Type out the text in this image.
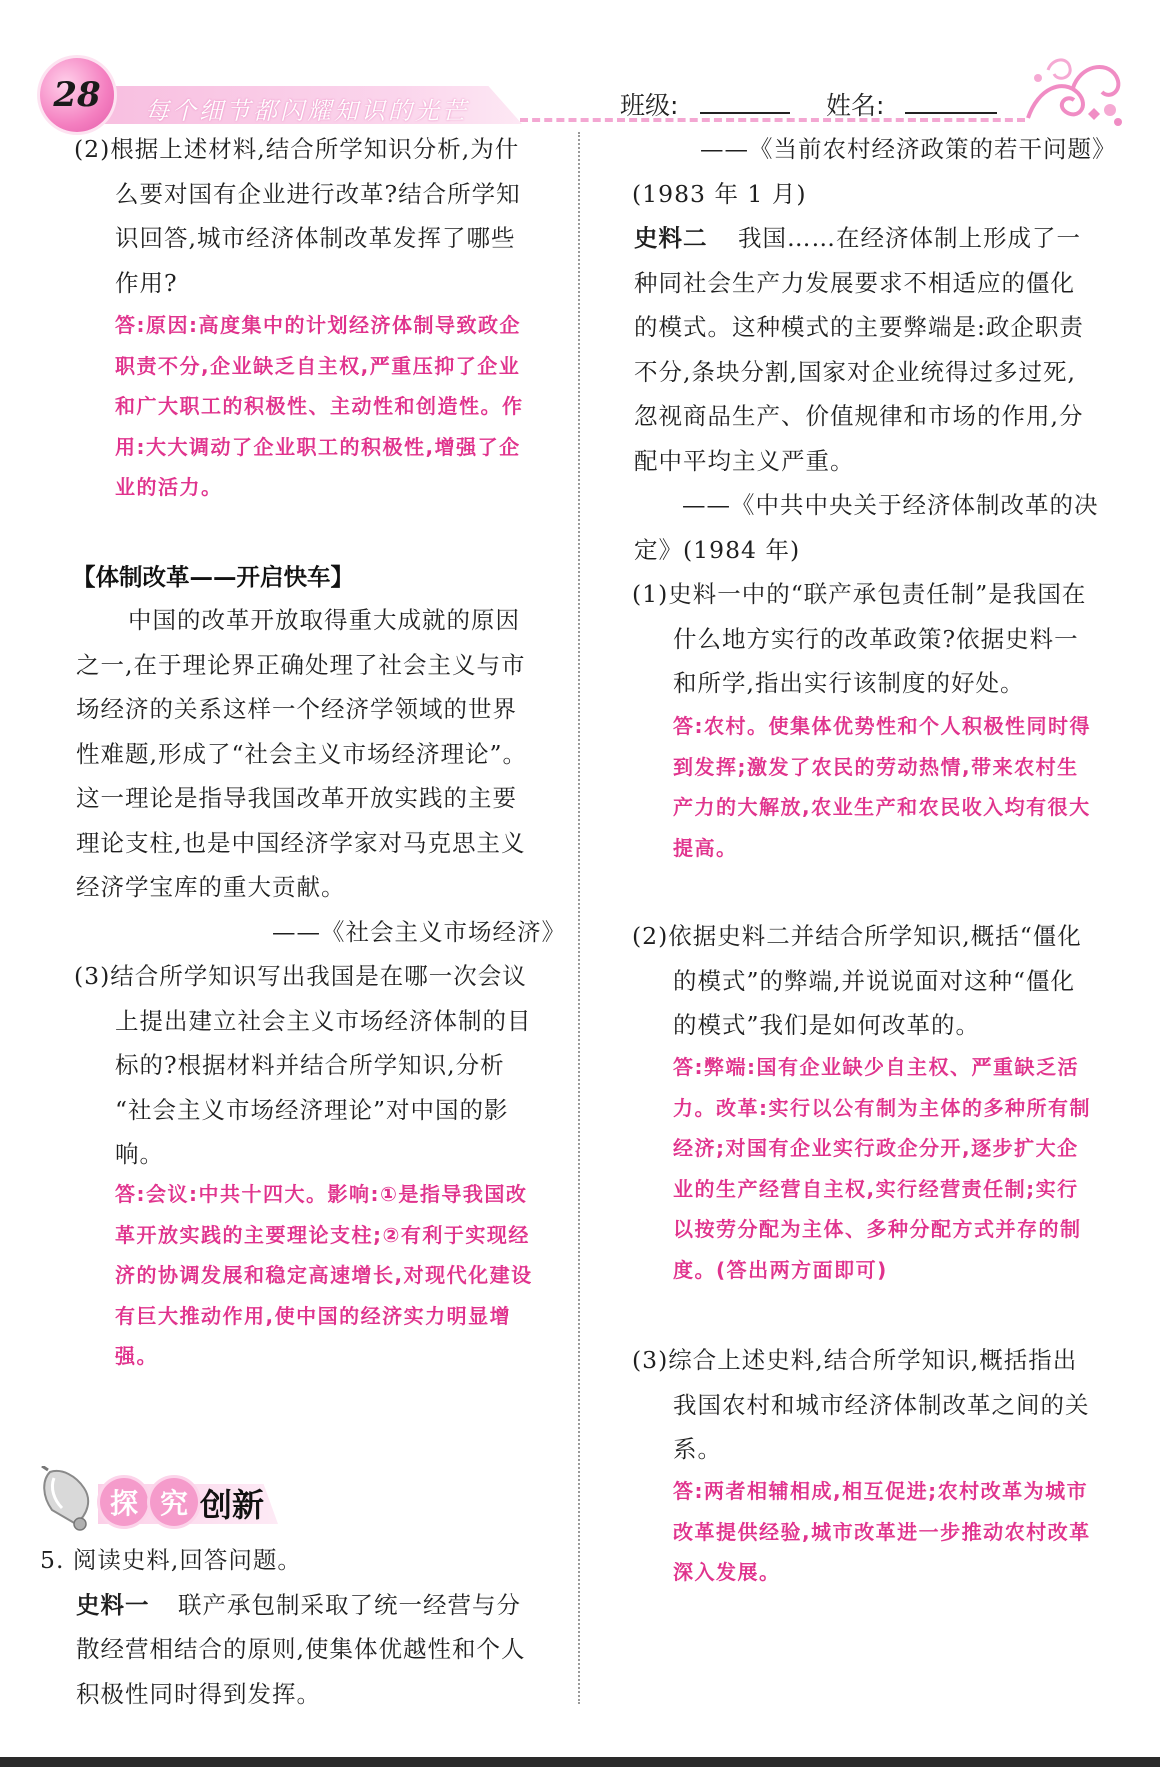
28 每个细节都闪耀知识的光芒	班级:	姓名:
(2)根据上述材料,结合所学知识分析,为什
么要对国有企业进行改革?结合所学知
识回答,城市经济体制改革发挥了哪些
作用?
答:原因:高度集中的计划经济体制导致政企
职责不分,企业缺乏自主权,严重压抑了企业
和广大职工的积极性、主动性和创造性。作
用:大大调动了企业职工的积极性,增强了企
业的活力。
【体制改革——开启快车】
中国的改革开放取得重大成就的原因
之一,在于理论界正确处理了社会主义与市
场经济的关系这样一个经济学领域的世界
性难题,形成了“社会主义市场经济理论”。
这一理论是指导我国改革开放实践的主要
理论支柱,也是中国经济学家对马克思主义
经济学宝库的重大贡献。
——《社会主义市场经济》
(3)结合所学知识写出我国是在哪一次会议
上提出建立社会主义市场经济体制的目
标的?根据材料并结合所学知识,分析
“社会主义市场经济理论”对中国的影
响。
答:会议:中共十四大。影响:①是指导我国改
革开放实践的主要理论支柱;②有利于实现经
济的协调发展和稳定高速增长,对现代化建设
有巨大推动作用,使中国的经济实力明显增
强。
探 究 创新
5. 阅读史料,回答问题。
史料一 联产承包制采取了统一经营与分
散经营相结合的原则,使集体优越性和个人
积极性同时得到发挥。
——《当前农村经济政策的若干问题》
(1983 年 1 月)
史料二 我国……在经济体制上形成了一
种同社会生产力发展要求不相适应的僵化
的模式。这种模式的主要弊端是:政企职责
不分,条块分割,国家对企业统得过多过死,
忽视商品生产、价值规律和市场的作用,分
配中平均主义严重。
——《中共中央关于经济体制改革的决
定》(1984 年)
(1)史料一中的“联产承包责任制”是我国在
什么地方实行的改革政策?依据史料一
和所学,指出实行该制度的好处。
答:农村。使集体优势性和个人积极性同时得
到发挥;激发了农民的劳动热情,带来农村生
产力的大解放,农业生产和农民收入均有很大
提高。
(2)依据史料二并结合所学知识,概括“僵化
的模式”的弊端,并说说面对这种“僵化
的模式”我们是如何改革的。
答:弊端:国有企业缺少自主权、严重缺乏活
力。改革:实行以公有制为主体的多种所有制
经济;对国有企业实行政企分开,逐步扩大企
业的生产经营自主权,实行经营责任制;实行
以按劳分配为主体、多种分配方式并存的制
度。(答出两方面即可)
(3)综合上述史料,结合所学知识,概括指出
我国农村和城市经济体制改革之间的关
系。
答:两者相辅相成,相互促进;农村改革为城市
改革提供经验,城市改革进一步推动农村改革
深入发展。
